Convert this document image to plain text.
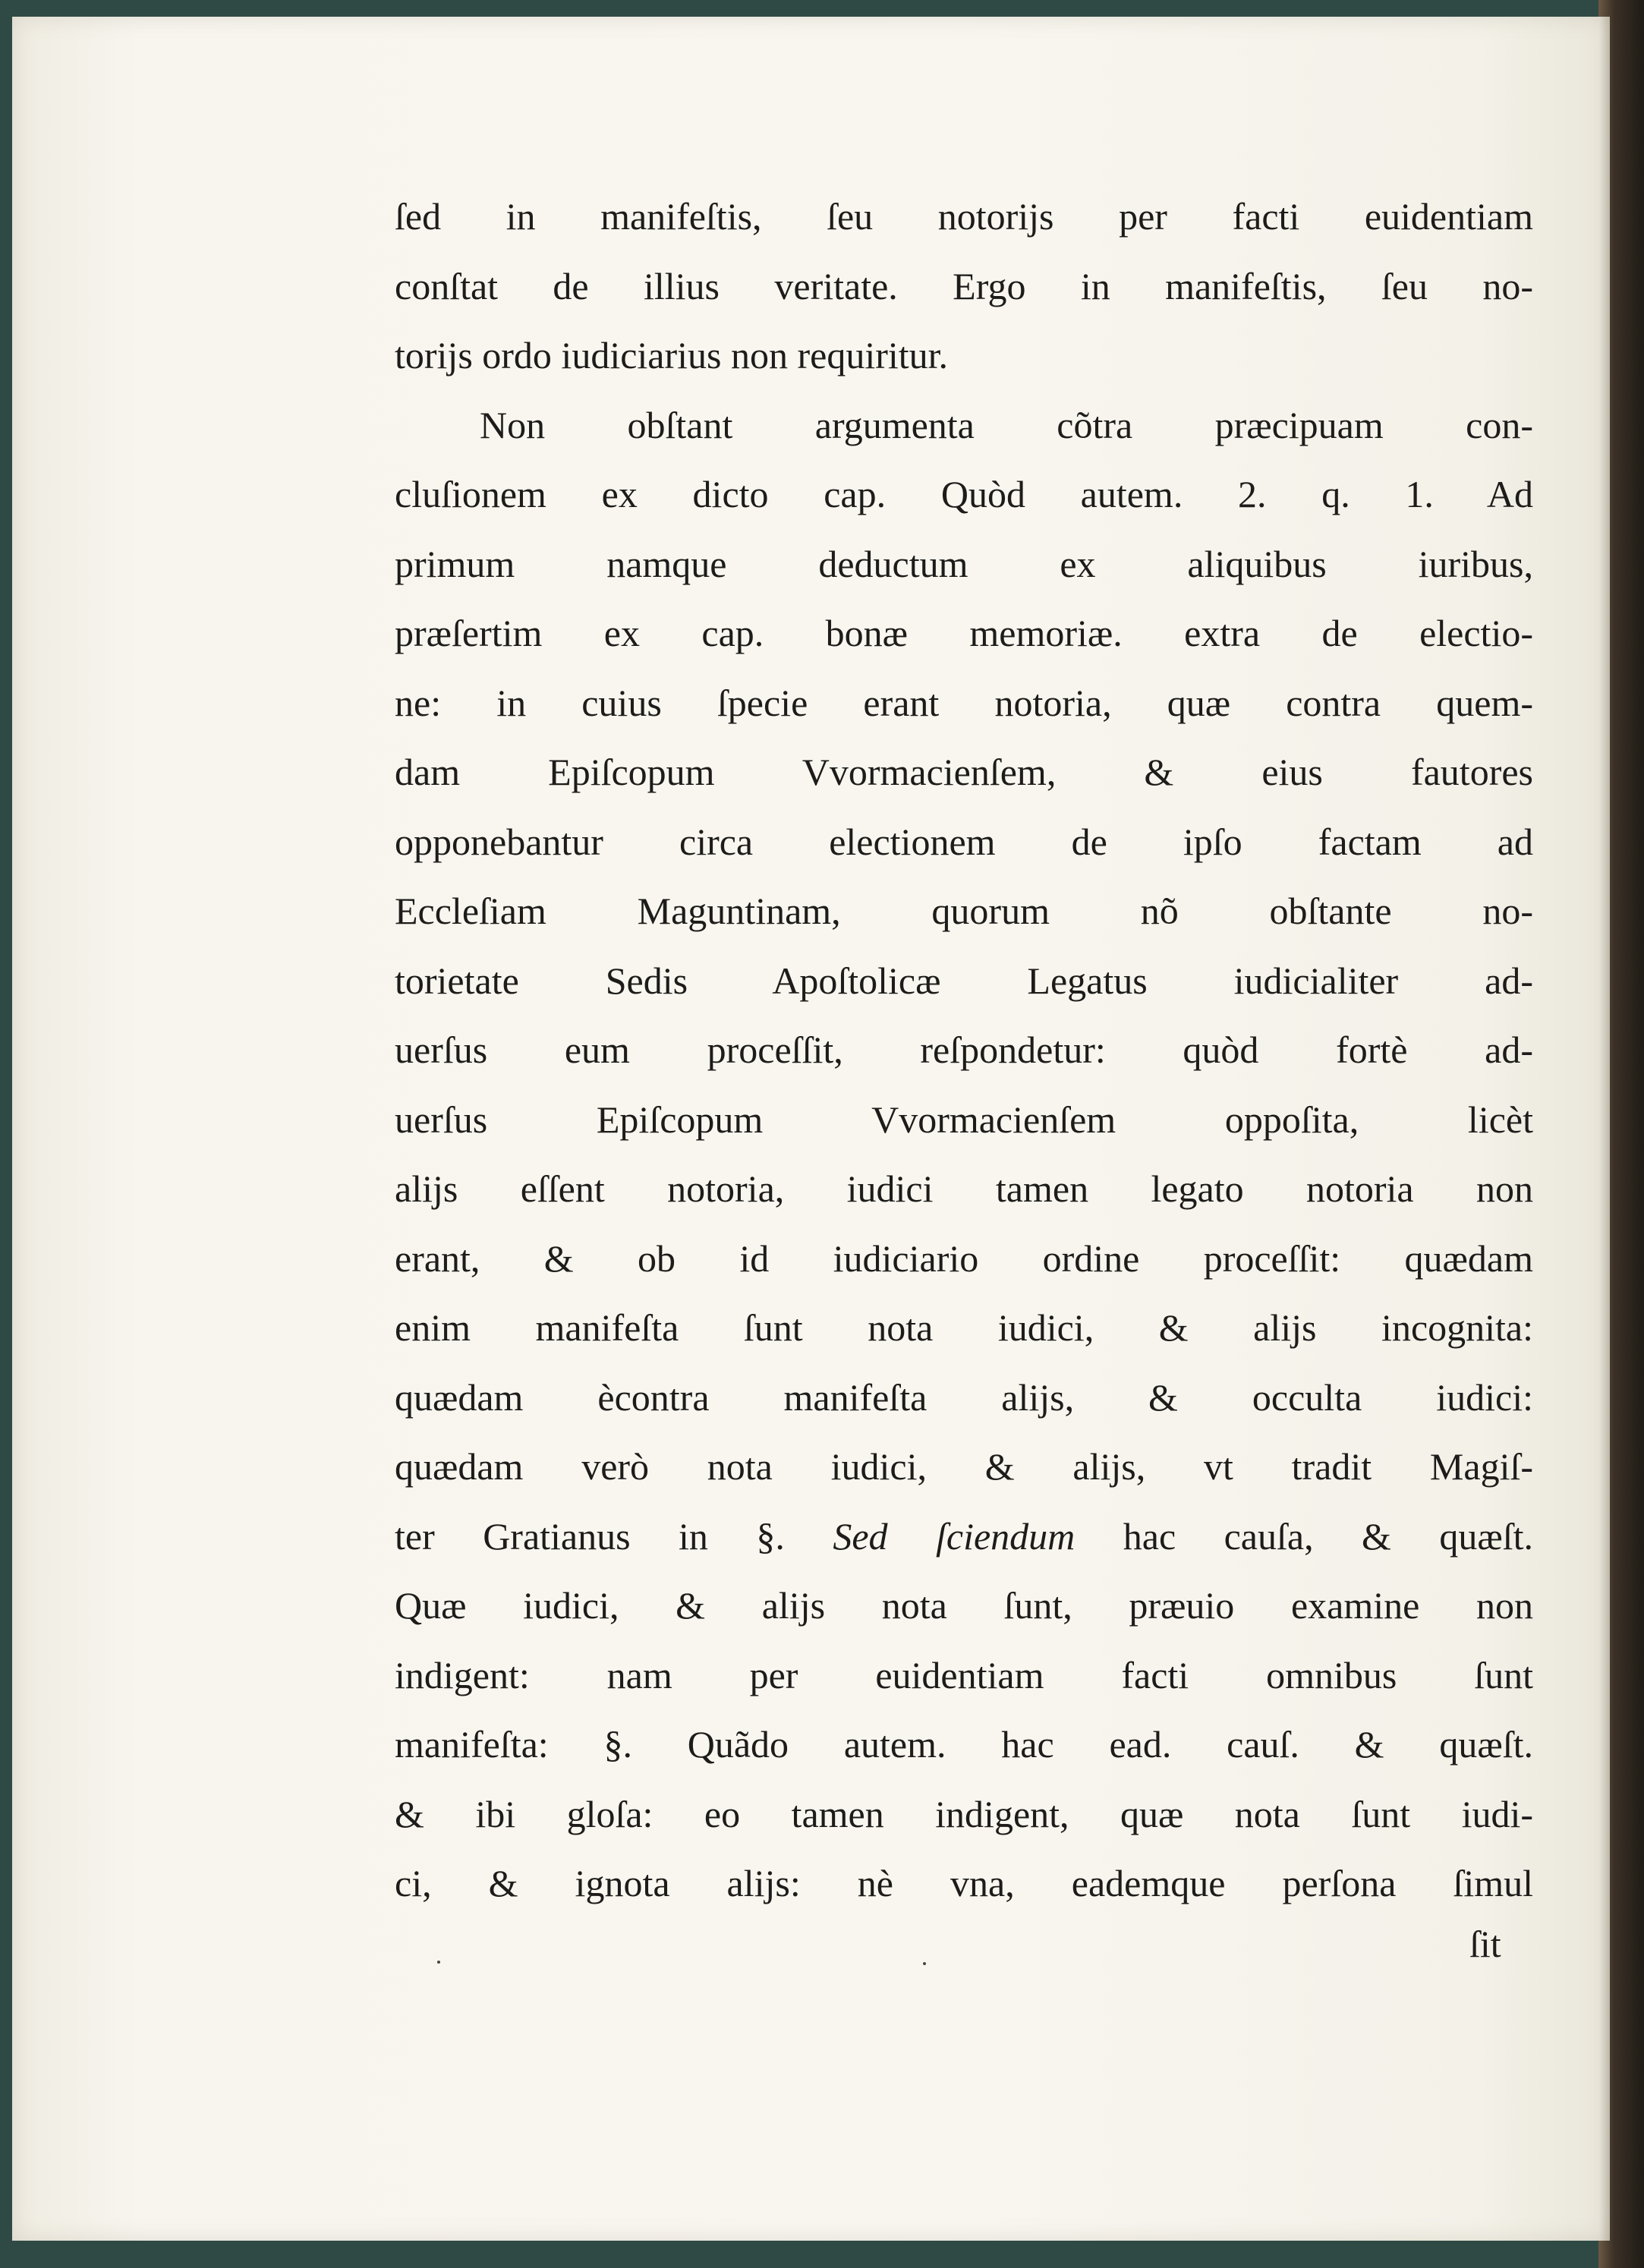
ſed in manifeſtis, ſeu notorijs per facti euidentiam
conſtat de illius veritate. Ergo in manifeſtis, ſeu no-
torijs ordo iudiciarius non requiritur.
Non obſtant argumenta cõtra præcipuam con-
cluſionem ex dicto cap. Quòd autem. 2. q. 1. Ad
primum namque deductum ex aliquibus iuribus,
præſertim ex cap. bonæ memoriæ. extra de electio-
ne: in cuius ſpecie erant notoria, quæ contra quem-
dam Epiſcopum Vvormacienſem, & eius fautores
opponebantur circa electionem de ipſo factam ad
Eccleſiam Maguntinam, quorum nõ obſtante no-
torietate Sedis Apoſtolicæ Legatus iudicialiter ad-
uerſus eum proceſſit, reſpondetur: quòd fortè ad-
uerſus Epiſcopum Vvormacienſem oppoſita, licèt
alijs eſſent notoria, iudici tamen legato notoria non
erant, & ob id iudiciario ordine proceſſit: quædam
enim manifeſta ſunt nota iudici, & alijs incognita:
quædam ècontra manifeſta alijs, & occulta iudici:
quædam verò nota iudici, & alijs, vt tradit Magiſ-
ter Gratianus in §. Sed ſciendum hac cauſa, & quæſt.
Quæ iudici, & alijs nota ſunt, præuio examine non
indigent: nam per euidentiam facti omnibus ſunt
manifeſta: §. Quãdo autem. hac ead. cauſ. & quæſt.
& ibi gloſa: eo tamen indigent, quæ nota ſunt iudi-
ci, & ignota alijs: nè vna, eademque perſona ſimul
ſit
